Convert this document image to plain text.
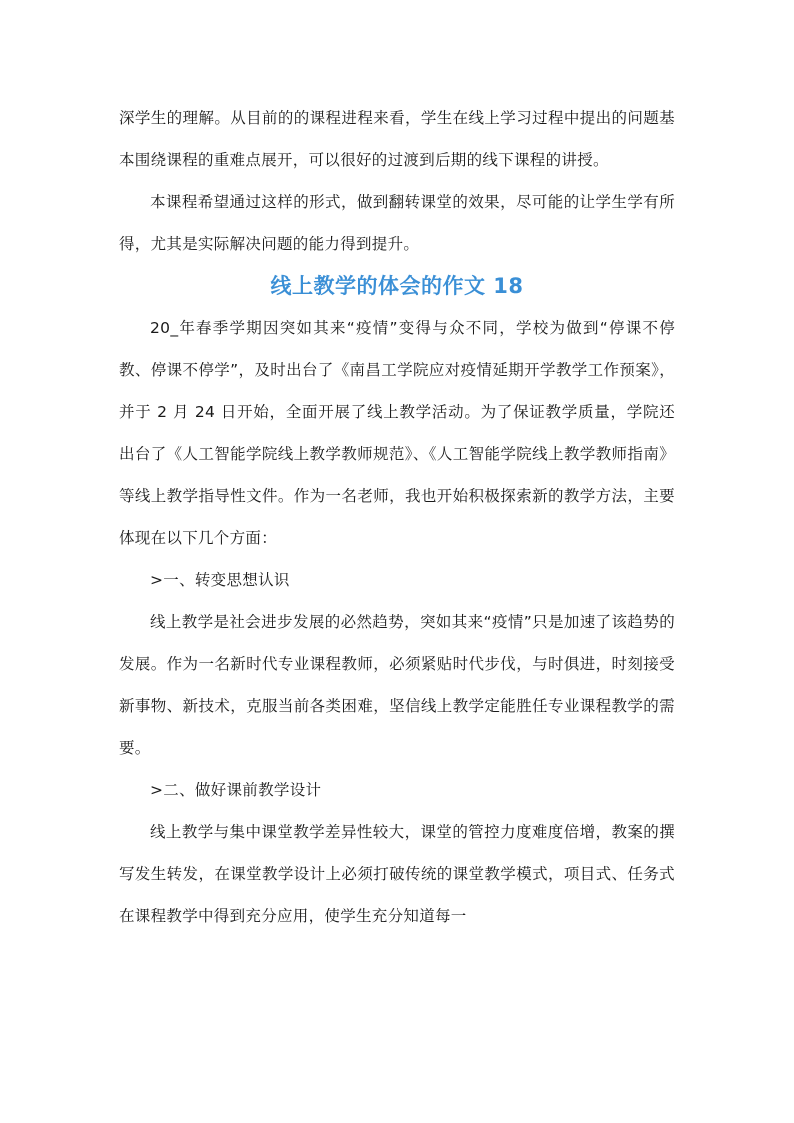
深学生的理解。从目前的的课程进程来看，学生在线上学习过程中提出的问题基本围绕课程的重难点展开，可以很好的过渡到后期的线下课程的讲授。

本课程希望通过这样的形式，做到翻转课堂的效果，尽可能的让学生学有所得，尤其是实际解决问题的能力得到提升。

线上教学的体会的作文 18

20_年春季学期因突如其来“疫情”变得与众不同，学校为做到“停课不停教、停课不停学”，及时出台了《南昌工学院应对疫情延期开学教学工作预案》，并于 2 月 24 日开始，全面开展了线上教学活动。为了保证教学质量，学院还出台了《人工智能学院线上教学教师规范》、《人工智能学院线上教学教师指南》等线上教学指导性文件。作为一名老师，我也开始积极探索新的教学方法，主要体现在以下几个方面：

>一、转变思想认识

线上教学是社会进步发展的必然趋势，突如其来“疫情”只是加速了该趋势的发展。作为一名新时代专业课程教师，必须紧贴时代步伐，与时俱进，时刻接受新事物、新技术，克服当前各类困难，坚信线上教学定能胜任专业课程教学的需要。

>二、做好课前教学设计

线上教学与集中课堂教学差异性较大，课堂的管控力度难度倍增，教案的撰写发生转发，在课堂教学设计上必须打破传统的课堂教学模式，项目式、任务式在课程教学中得到充分应用，使学生充分知道每一
